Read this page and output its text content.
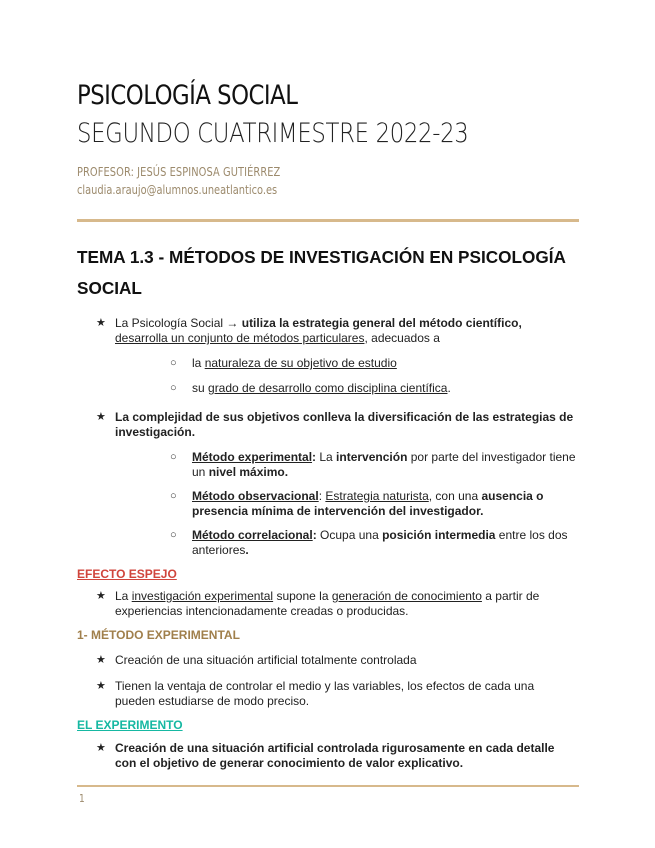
PSICOLOGÍA SOCIAL
SEGUNDO CUATRIMESTRE 2022-23

PROFESOR: JESÚS ESPINOSA GUTIÉRREZ

claudia.araujo@alumnos.uneatlantico.es

TEMA 1.3 - MÉTODOS DE INVESTIGACIÓN EN PSICOLOGÍA SOCIAL
★ La Psicología Social → utiliza la estrategia general del método científico, desarrolla un conjunto de métodos particulares, adecuados a
○ la naturaleza de su objetivo de estudio
○ su grado de desarrollo como disciplina científica.
★ La complejidad de sus objetivos conlleva la diversificación de las estrategias de investigación.
○ Método experimental: La intervención por parte del investigador tiene un nivel máximo.
○ Método observacional: Estrategia naturista, con una ausencia o presencia mínima de intervención del investigador.
○ Método correlacional: Ocupa una posición intermedia entre los dos anteriores.

EFECTO ESPEJO

★ La investigación experimental supone la generación de conocimiento a partir de experiencias intencionadamente creadas o producidas.

1- MÉTODO EXPERIMENTAL

★ Creación de una situación artificial totalmente controlada
★ Tienen la ventaja de controlar el medio y las variables, los efectos de cada una pueden estudiarse de modo preciso.

EL EXPERIMENTO

★ Creación de una situación artificial controlada rigurosamente en cada detalle con el objetivo de generar conocimiento de valor explicativo.
1
